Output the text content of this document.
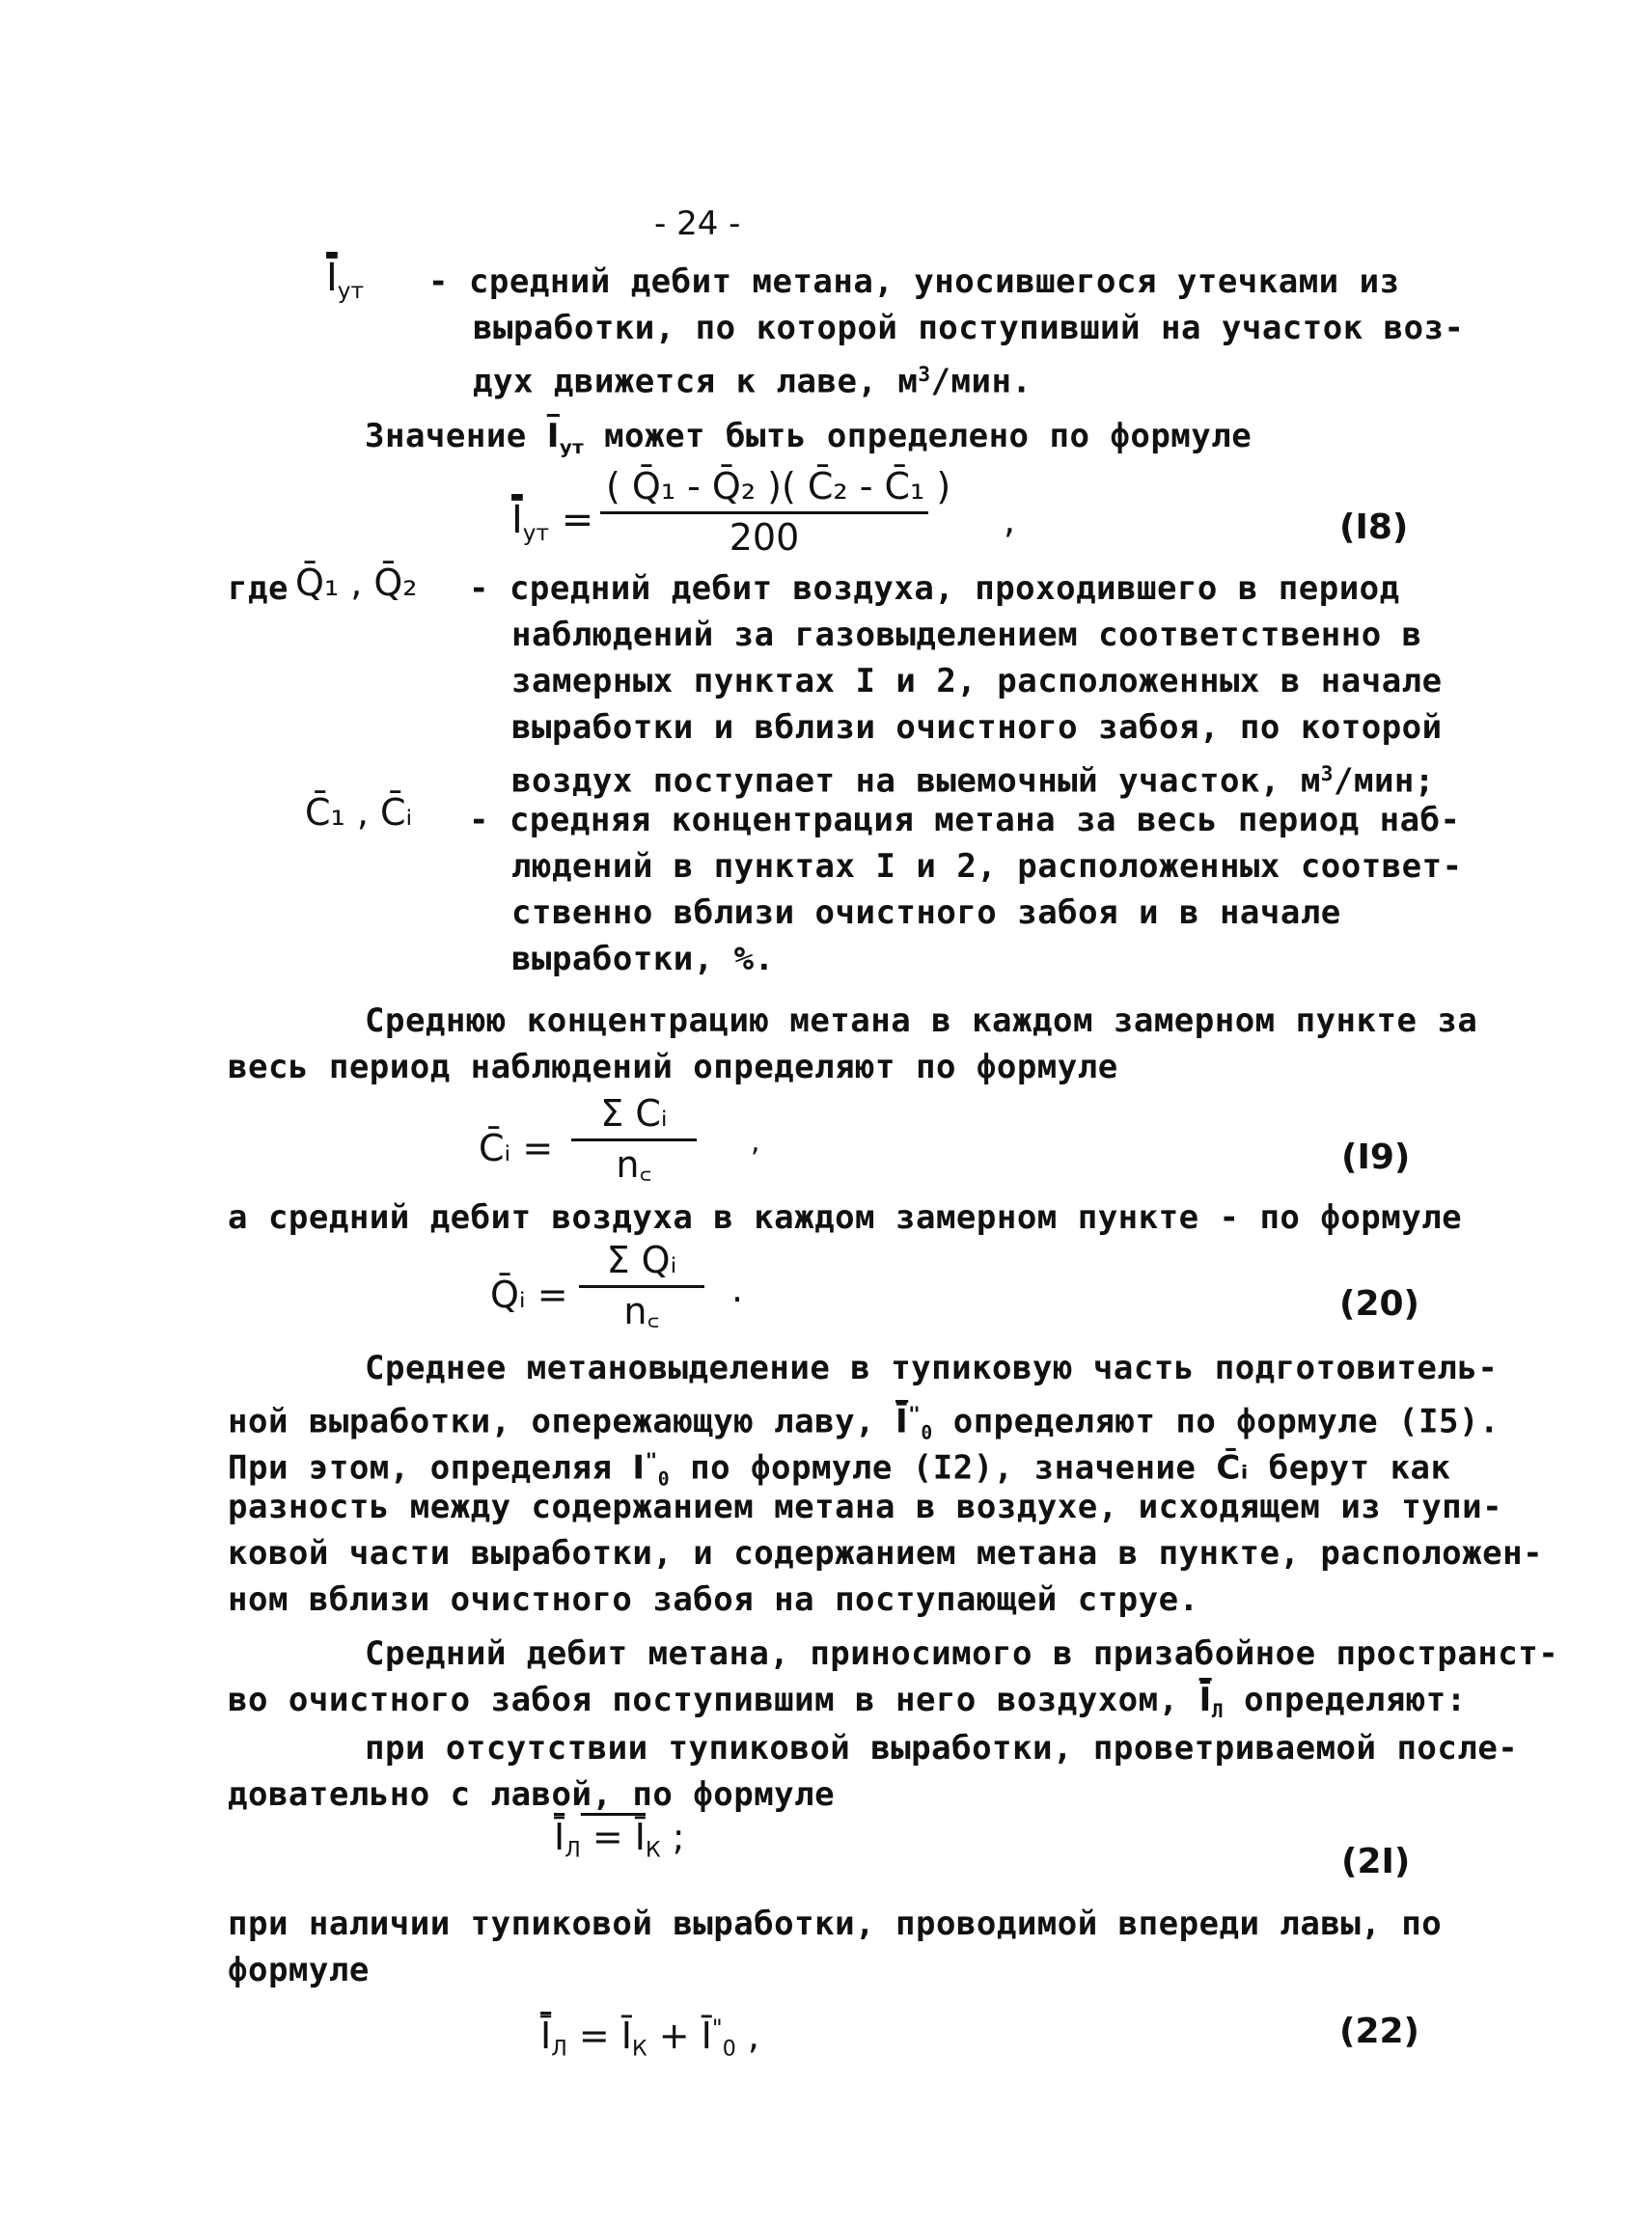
- 24 -
$\overline{Ī}_{ут}$ - средний дебит метана, уносившегося утечками из
выработки, по которой поступивший на участок воз-
дух движется к лаве, $м^3$/мин.
Значение $\overline{I}_{ут}$ может быть определено по формуле
$\overline{Ī}_{ут} = \frac{\text{( Q̄₁ - Q̄₂ )( C̄₂ - C̄₁ )}}{200}$ ,	(I8)
где Q̄₁ , Q̄₂ - средний дебит воздуха, проходившего в период
наблюдений за газовыделением соответственно в
замерных пунктах I и 2, расположенных в начале
выработки и вблизи очистного забоя, по которой
воздух поступает на выемочный участок, $м^3$/мин;
C̄₁ , C̄ᵢ - средняя концентрация метана за весь период наб-
людений в пунктах I и 2, расположенных соответ-
ственно вблизи очистного забоя и в начале
выработки, %.
Среднюю концентрацию метана в каждом замерном пункте за
весь период наблюдений определяют по формуле
C̄ᵢ = $\frac{\text{Σ Cᵢ}}{n꜀}$ ,	(I9)
а средний дебит воздуха в каждом замерном пункте - по формуле
Q̄ᵢ = $\frac{\text{Σ Qᵢ}}{n꜀}$ .	(20)
Среднее метановыделение в тупиковую часть подготовитель-
ной выработки, опережающую лаву, $\overline{Ī}^"_0$ определяют по формуле (I5).
При этом, определяя $I^"_0$ по формуле (I2), значение C̄ᵢ берут как
разность между содержанием метана в воздухе, исходящем из тупи-
ковой части выработки, и содержанием метана в пункте, расположен-
ном вблизи очистного забоя на поступающей струе.
Средний дебит метана, приносимого в призабойное пространст-
во очистного забоя поступившим в него воздухом, $\overline{Ī}_Л$ определяют:
при отсутствии тупиковой выработки, проветриваемой после-
довательно с лавой, по формуле
$\overline{Ī}_Л$ = $Ī_К$ ;
(2I)
при наличии тупиковой выработки, проводимой впереди лавы, по
формуле
$\overline{Ī}_Л$ = $Ī_К$ + $Ī^"_0$ ,	(22)
